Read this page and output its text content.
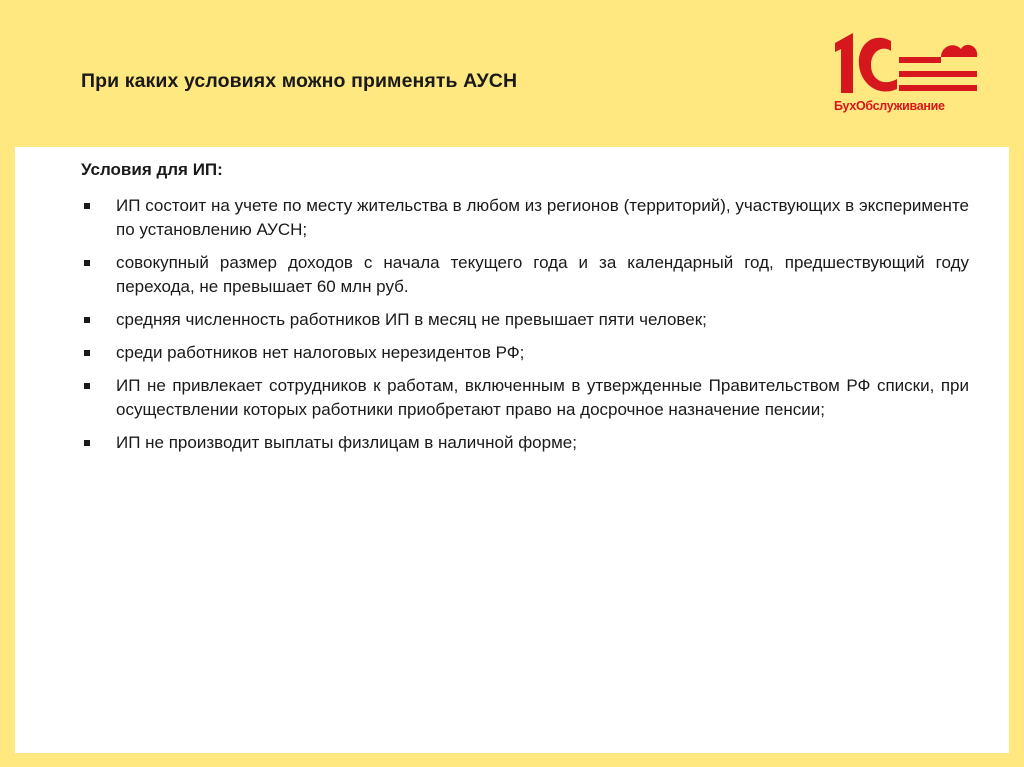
При каких условиях можно применять АУСН
БухОбслуживание
Условия для ИП:
ИП состоит на учете по месту жительства в любом из регионов (территорий), участвующих в эксперименте по установлению АУСН;
совокупный размер доходов с начала текущего года и за календарный год, предшествующий году перехода, не превышает 60 млн руб.
средняя численность работников ИП в месяц не превышает пяти человек;
среди работников нет налоговых нерезидентов РФ;
ИП не привлекает сотрудников к работам, включенным в утвержденные Правительством РФ списки, при осуществлении которых работники приобретают право на досрочное назначение пенсии;
ИП не производит выплаты физлицам в наличной форме;
